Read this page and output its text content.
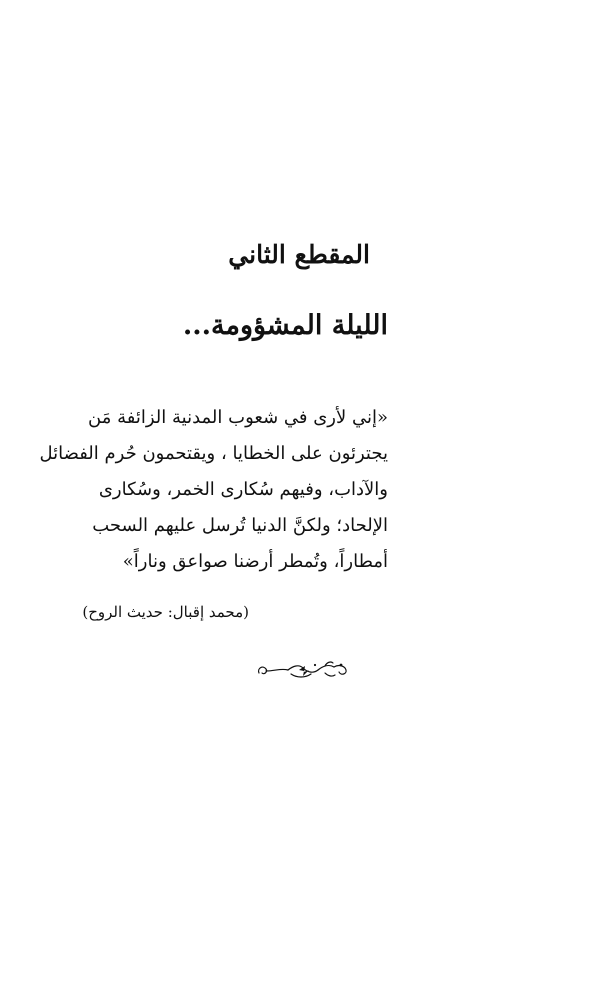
المقطع الثاني
الليلة المشؤومة...
«إني لأرى في شعوب المدنية الزائفة مَن
يجترئون على الخطايا ، ويقتحمون حُرم الفضائل
والآداب، وفيهم سُكارى الخمر، وسُكارى
الإلحاد؛ ولكنَّ الدنيا تُرسل عليهم السحب
أمطاراً، وتُمطر أرضنا صواعق وناراً»
(محمد إقبال: حديث الروح)
